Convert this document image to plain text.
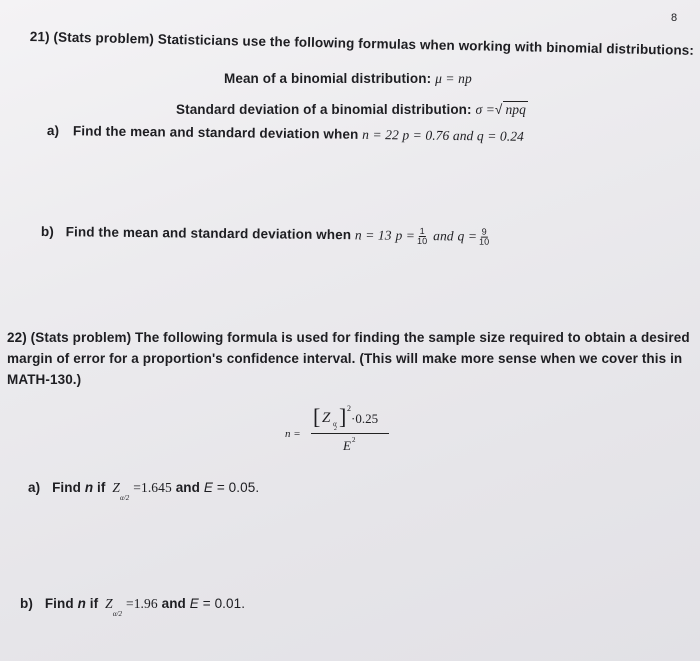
8
21) (Stats problem) Statisticians use the following formulas when working with binomial distributions:
Mean of a binomial distribution: μ = np
Standard deviation of a binomial distribution: σ =√ npq
a) Find the mean and standard deviation when n = 22 p = 0.76 and q = 0.24
b) Find the mean and standard deviation when n = 13 $p = \frac{1}{10}$ and $q = \frac{9}{10}$
22) (Stats problem) The following formula is used for finding the sample size required to obtain a desired
margin of error for a proportion's confidence interval. (This will make more sense when we cover this in
MATH-130.)
n =
[ Z α
2 ] 2
·0.25
E 2
a) Find n if $Z_{\alpha/2} =1.645$ and E = 0.05.
b) Find n if $Z_{\alpha/2} =1.96$ and E = 0.01.
